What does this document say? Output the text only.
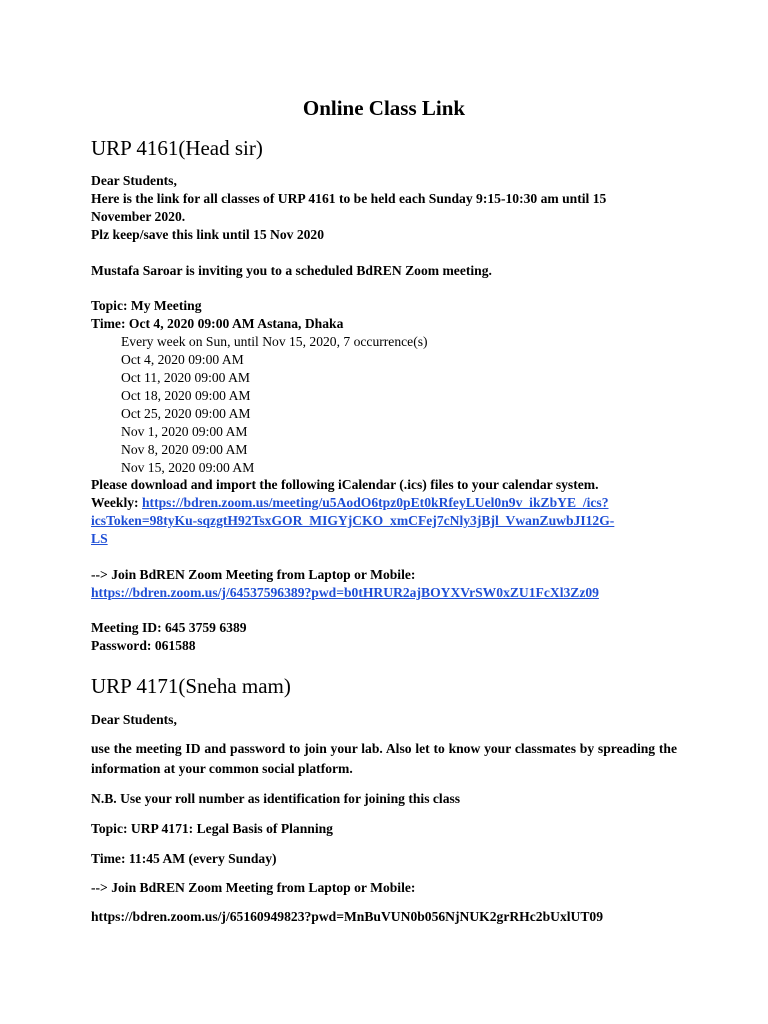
Online Class Link
URP 4161(Head sir)
Dear Students,
Here is the link for all classes of URP 4161 to be held each Sunday 9:15-10:30 am until 15
November 2020.
Plz keep/save this link until 15 Nov 2020
Mustafa Saroar is inviting you to a scheduled BdREN Zoom meeting.
Topic: My Meeting
Time: Oct 4, 2020 09:00 AM Astana, Dhaka
Every week on Sun, until Nov 15, 2020, 7 occurrence(s)
Oct 4, 2020 09:00 AM
Oct 11, 2020 09:00 AM
Oct 18, 2020 09:00 AM
Oct 25, 2020 09:00 AM
Nov 1, 2020 09:00 AM
Nov 8, 2020 09:00 AM
Nov 15, 2020 09:00 AM
Please download and import the following iCalendar (.ics) files to your calendar system.
Weekly: https://bdren.zoom.us/meeting/u5AodO6tpz0pEt0kRfeyLUel0n9v_ikZbYE_/ics?
icsToken=98tyKu-sqzgtH92TsxGOR_MIGYjCKO_xmCFej7cNly3jBjl_VwanZuwbJI12G-
LS
--> Join BdREN Zoom Meeting from Laptop or Mobile:
https://bdren.zoom.us/j/64537596389?pwd=b0tHRUR2ajBOYXVrSW0xZU1FcXl3Zz09
Meeting ID: 645 3759 6389
Password: 061588
URP 4171(Sneha mam)
Dear Students,
use the meeting ID and password to join your lab. Also let to know your classmates by spreading the information at your common social platform.
N.B. Use your roll number as identification for joining this class
Topic: URP 4171: Legal Basis of Planning
Time: 11:45 AM (every Sunday)
--> Join BdREN Zoom Meeting from Laptop or Mobile:
https://bdren.zoom.us/j/65160949823?pwd=MnBuVUN0b056NjNUK2grRHc2bUxlUT09
